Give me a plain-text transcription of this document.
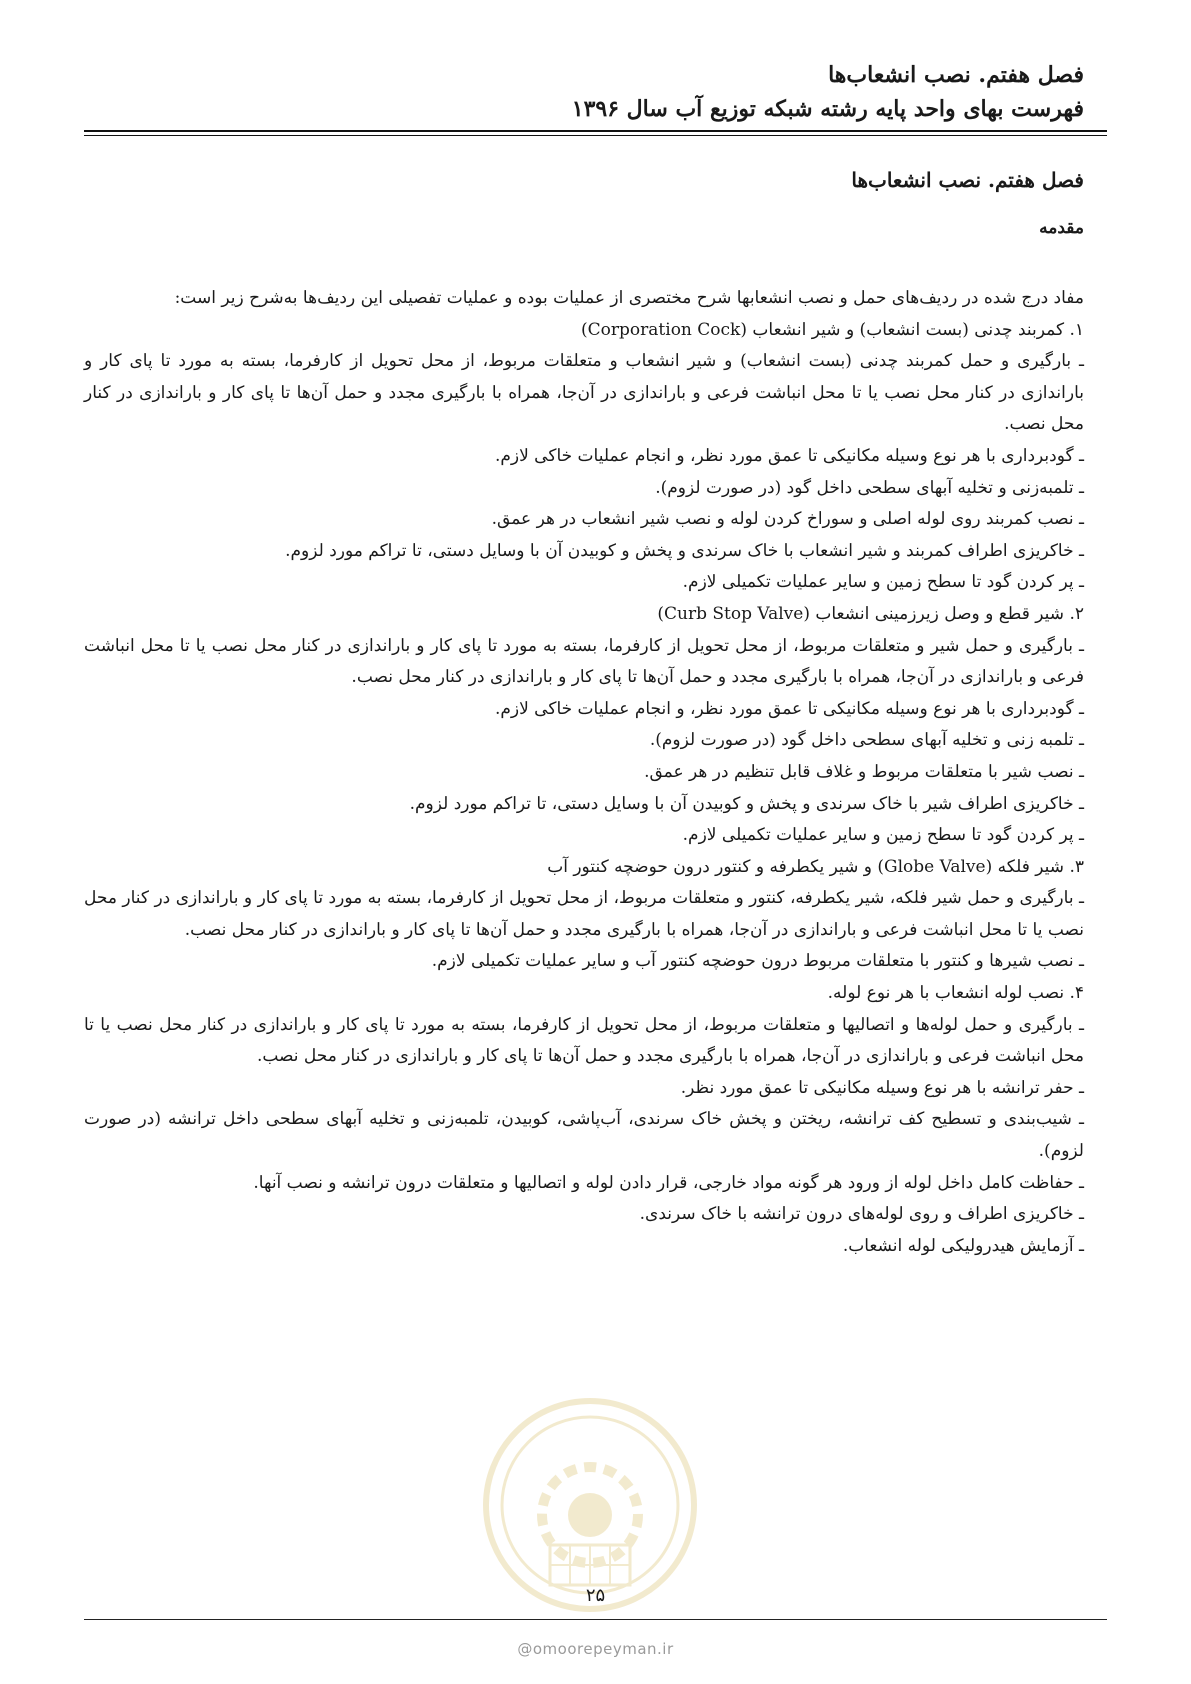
فصل هفتم. نصب انشعاب‌ها
فهرست بهای واحد پایه رشته شبکه توزیع آب سال ۱۳۹۶
فصل هفتم. نصب انشعاب‌ها
مقدمه

مفاد درج شده در ردیف‌های حمل و نصب انشعابها شرح مختصری از عملیات بوده و عملیات تفصیلی این ردیف‌ها به‌شرح زیر است:

۱. کمربند چدنی (بست انشعاب) و شیر انشعاب (Corporation Cock)

ـ بارگیری و حمل کمربند چدنی (بست انشعاب) و شیر انشعاب و متعلقات مربوط، از محل تحویل از کارفرما، بسته به مورد تا پای کار و باراندازی در کنار محل نصب یا تا محل انباشت فرعی و باراندازی در آن‌جا، همراه با بارگیری مجدد و حمل آن‌ها تا پای کار و باراندازی در کنار محل نصب.

ـ گودبرداری با هر نوع وسیله مکانیکی تا عمق مورد نظر، و انجام عملیات خاکی لازم.

ـ تلمبه‌زنی و تخلیه آبهای سطحی داخل گود (در صورت لزوم).

ـ نصب کمربند روی لوله اصلی و سوراخ کردن لوله و نصب شیر انشعاب در هر عمق.

ـ خاکریزی اطراف کمربند و شیر انشعاب با خاک سرندی و پخش و کوبیدن آن با وسایل دستی، تا تراکم مورد لزوم.

ـ پر کردن گود تا سطح زمین و سایر عملیات تکمیلی لازم.

۲. شیر قطع و وصل زیرزمینی انشعاب (Curb Stop Valve)

ـ بارگیری و حمل شیر و متعلقات مربوط، از محل تحویل از کارفرما، بسته به مورد تا پای کار و باراندازی در کنار محل نصب یا تا محل انباشت فرعی و باراندازی در آن‌جا، همراه با بارگیری مجدد و حمل آن‌ها تا پای کار و باراندازی در کنار محل نصب.

ـ گودبرداری با هر نوع وسیله مکانیکی تا عمق مورد نظر، و انجام عملیات خاکی لازم.

ـ تلمبه زنی و تخلیه آبهای سطحی داخل گود (در صورت لزوم).

ـ نصب شیر با متعلقات مربوط و غلاف قابل تنظیم در هر عمق.

ـ خاکریزی اطراف شیر با خاک سرندی و پخش و کوبیدن آن با وسایل دستی، تا تراکم مورد لزوم.

ـ پر کردن گود تا سطح زمین و سایر عملیات تکمیلی لازم.

۳. شیر فلکه (Globe Valve) و شیر یکطرفه و کنتور درون حوضچه کنتور آب

ـ بارگیری و حمل شیر فلکه، شیر یکطرفه، کنتور و متعلقات مربوط، از محل تحویل از کارفرما، بسته به مورد تا پای کار و باراندازی در کنار محل نصب یا تا محل انباشت فرعی و باراندازی در آن‌جا، همراه با بارگیری مجدد و حمل آن‌ها تا پای کار و باراندازی در کنار محل نصب.

ـ نصب شیرها و کنتور با متعلقات مربوط درون حوضچه کنتور آب و سایر عملیات تکمیلی لازم.

۴. نصب لوله انشعاب با هر نوع لوله.

ـ بارگیری و حمل لوله‌ها و اتصالیها و متعلقات مربوط، از محل تحویل از کارفرما، بسته به مورد تا پای کار و باراندازی در کنار محل نصب یا تا محل انباشت فرعی و باراندازی در آن‌جا، همراه با بارگیری مجدد و حمل آن‌ها تا پای کار و باراندازی در کنار محل نصب.

ـ حفر ترانشه با هر نوع وسیله مکانیکی تا عمق مورد نظر.

ـ شیب‌بندی و تسطیح کف ترانشه، ریختن و پخش خاک سرندی، آب‌پاشی، کوبیدن، تلمبه‌زنی و تخلیه آبهای سطحی داخل ترانشه (در صورت لزوم).

ـ حفاظت کامل داخل لوله از ورود هر گونه مواد خارجی، قرار دادن لوله و اتصالیها و متعلقات درون ترانشه و نصب آنها.

ـ خاکریزی اطراف و روی لوله‌های درون ترانشه با خاک سرندی.

ـ آزمایش هیدرولیکی لوله انشعاب.

۲۵
@omoorepeyman.ir
